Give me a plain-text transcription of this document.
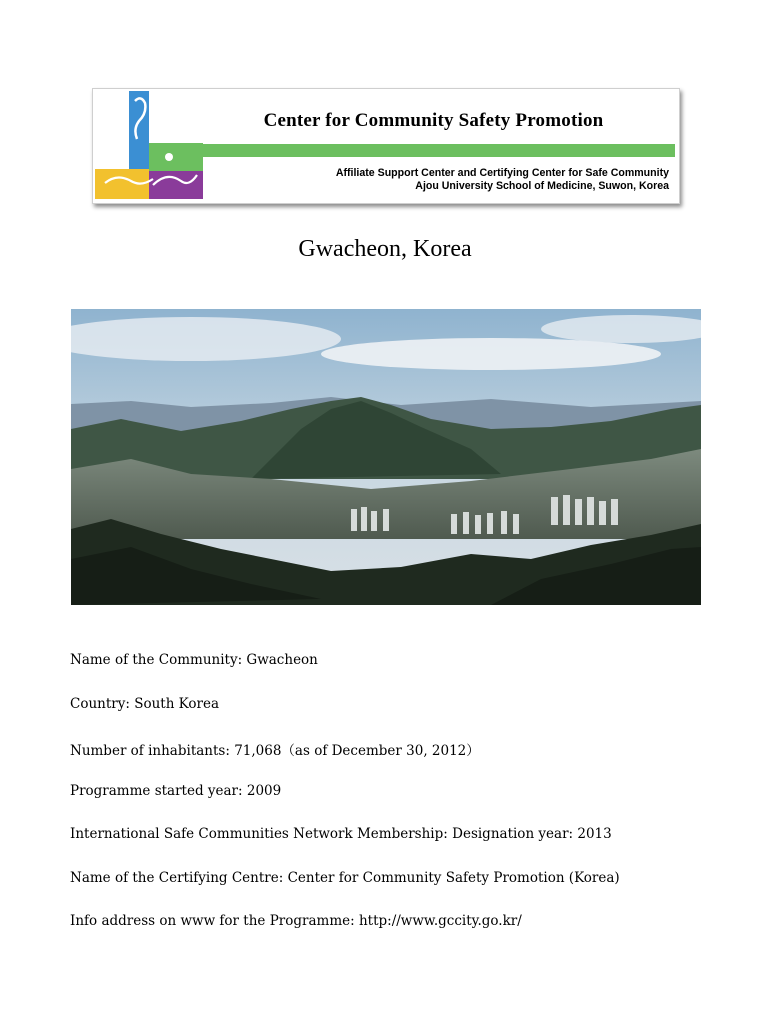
Center for Community Safety Promotion
Affiliate Support Center and Certifying Center for Safe Community
Ajou University School of Medicine, Suwon, Korea
Gwacheon, Korea
Name of the Community: Gwacheon
Country: South Korea
Number of inhabitants: 71,068（as of December 30, 2012）
Programme started year: 2009
International Safe Communities Network Membership: Designation year: 2013
Name of the Certifying Centre: Center for Community Safety Promotion (Korea)
Info address on www for the Programme: http://www.gccity.go.kr/
